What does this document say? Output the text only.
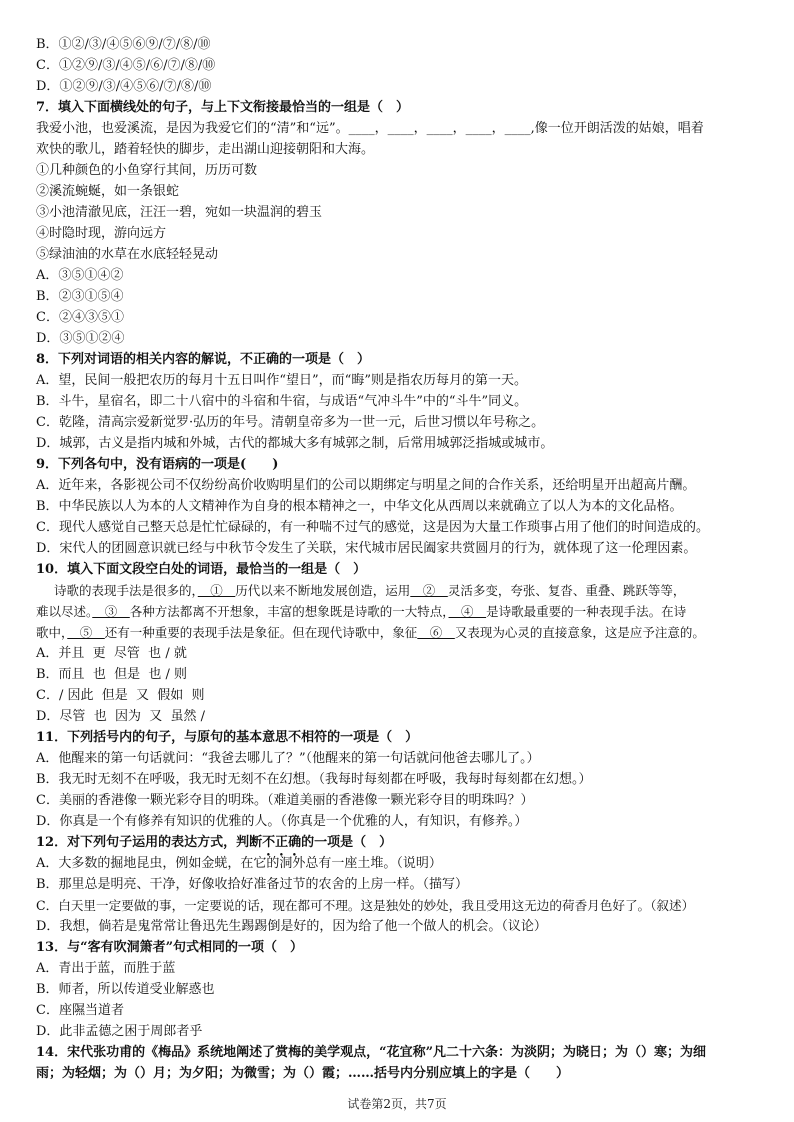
B．①②/③/④⑤⑥⑨/⑦/⑧/⑩
C．①②⑨/③/④⑤/⑥/⑦/⑧/⑩
D．①②⑨/③/④⑤⑥/⑦/⑧/⑩
7．填入下面横线处的句子，与上下文衔接最恰当的一组是（　）
我爱小池，也爱溪流，是因为我爱它们的“清”和“远”。____，____，____，____，____,像一位开朗活泼的姑娘，唱着
欢快的歌儿，踏着轻快的脚步，走出湖山迎接朝阳和大海。
①几种颜色的小鱼穿行其间，历历可数
②溪流蜿蜒，如一条银蛇
③小池清澈见底，汪汪一碧，宛如一块温润的碧玉
④时隐时现，游向远方
⑤绿油油的水草在水底轻轻晃动
A．③⑤①④②
B．②③①⑤④
C．②④③⑤①
D．③⑤①②④
8．下列对词语的相关内容的解说，不正确的一项是（　）
A．望，民间一般把农历的每月十五日叫作“望日”，而“晦”则是指农历每月的第一天。
B．斗牛，星宿名，即二十八宿中的斗宿和牛宿，与成语“气冲斗牛”中的“斗牛”同义。
C．乾隆，清高宗爱新觉罗·弘历的年号。清朝皇帝多为一世一元，后世习惯以年号称之。
D．城郭，古义是指内城和外城，古代的都城大多有城郭之制，后常用城郭泛指城或城市。
9．下列各句中，没有语病的一项是(　　)
A．近年来，各影视公司不仅纷纷高价收购明星们的公司以期绑定与明星之间的合作关系，还给明星开出超高片酬。
B．中华民族以人为本的人文精神作为自身的根本精神之一，中华文化从西周以来就确立了以人为本的文化品格。
C．现代人感觉自己整天总是忙忙碌碌的，有一种喘不过气的感觉，这是因为大量工作琐事占用了他们的时间造成的。
D．宋代人的团圆意识就已经与中秋节令发生了关联，宋代城市居民阖家共赏圆月的行为，就体现了这一伦理因素。
10．填入下面文段空白处的词语，最恰当的一组是（　）
诗歌的表现手法是很多的，　①　历代以来不断地发展创造，运用　②　灵活多变，夸张、复沓、重叠、跳跃等等，
难以尽述。　③　各种方法都离不开想象，丰富的想象既是诗歌的一大特点，　④　是诗歌最重要的一种表现手法。在诗
歌中，　⑤　还有一种重要的表现手法是象征。但在现代诗歌中，象征　⑥　又表现为心灵的直接意象，这是应予注意的。
A．并且  更  尽管  也 / 就
B．而且  也  但是  也 / 则
C．/ 因此  但是  又  假如  则
D．尽管  也  因为  又  虽然 /
11．下列括号内的句子，与原句的基本意思不相符的一项是（　）
A．他醒来的第一句话就问：“我爸去哪儿了？”（他醒来的第一句话就问他爸去哪儿了。）
B．我无时无刻不在呼吸，我无时无刻不在幻想。（我每时每刻都在呼吸，我每时每刻都在幻想。）
C．美丽的香港像一颗光彩夺目的明珠。（难道美丽的香港像一颗光彩夺目的明珠吗？）
D．你真是一个有修养有知识的优雅的人。（你真是一个优雅的人，有知识，有修养。）
12．对下列句子运用的表达方式，判断不正确的一项是（　）
A．大多数的掘地昆虫，例如金蜣，在它的洞外总有一座土堆。（说明）
B．那里总是明亮、干净，好像收拾好准备过节的农舍的上房一样。（描写）
C．白天里一定要做的事，一定要说的话，现在都可不理。这是独处的妙处，我且受用这无边的荷香月色好了。（叙述）
D．我想，倘若是鬼常常让鲁迅先生踢踢倒是好的，因为给了他一个做人的机会。（议论）
13．与“客有吹洞箫者”句式相同的一项（　）
A．青出于蓝，而胜于蓝
B．师者，所以传道受业解惑也
C．座隰当道者
D．此非孟德之困于周郎者乎
14．宋代张功甫的《梅品》系统地阐述了赏梅的美学观点，“花宜称”凡二十六条：为淡阴；为晓日；为（）寒；为细
雨；为轻烟；为（）月；为夕阳；为微雪；为（）霞；……括号内分别应填上的字是（　　）
试卷第2页，共7页
